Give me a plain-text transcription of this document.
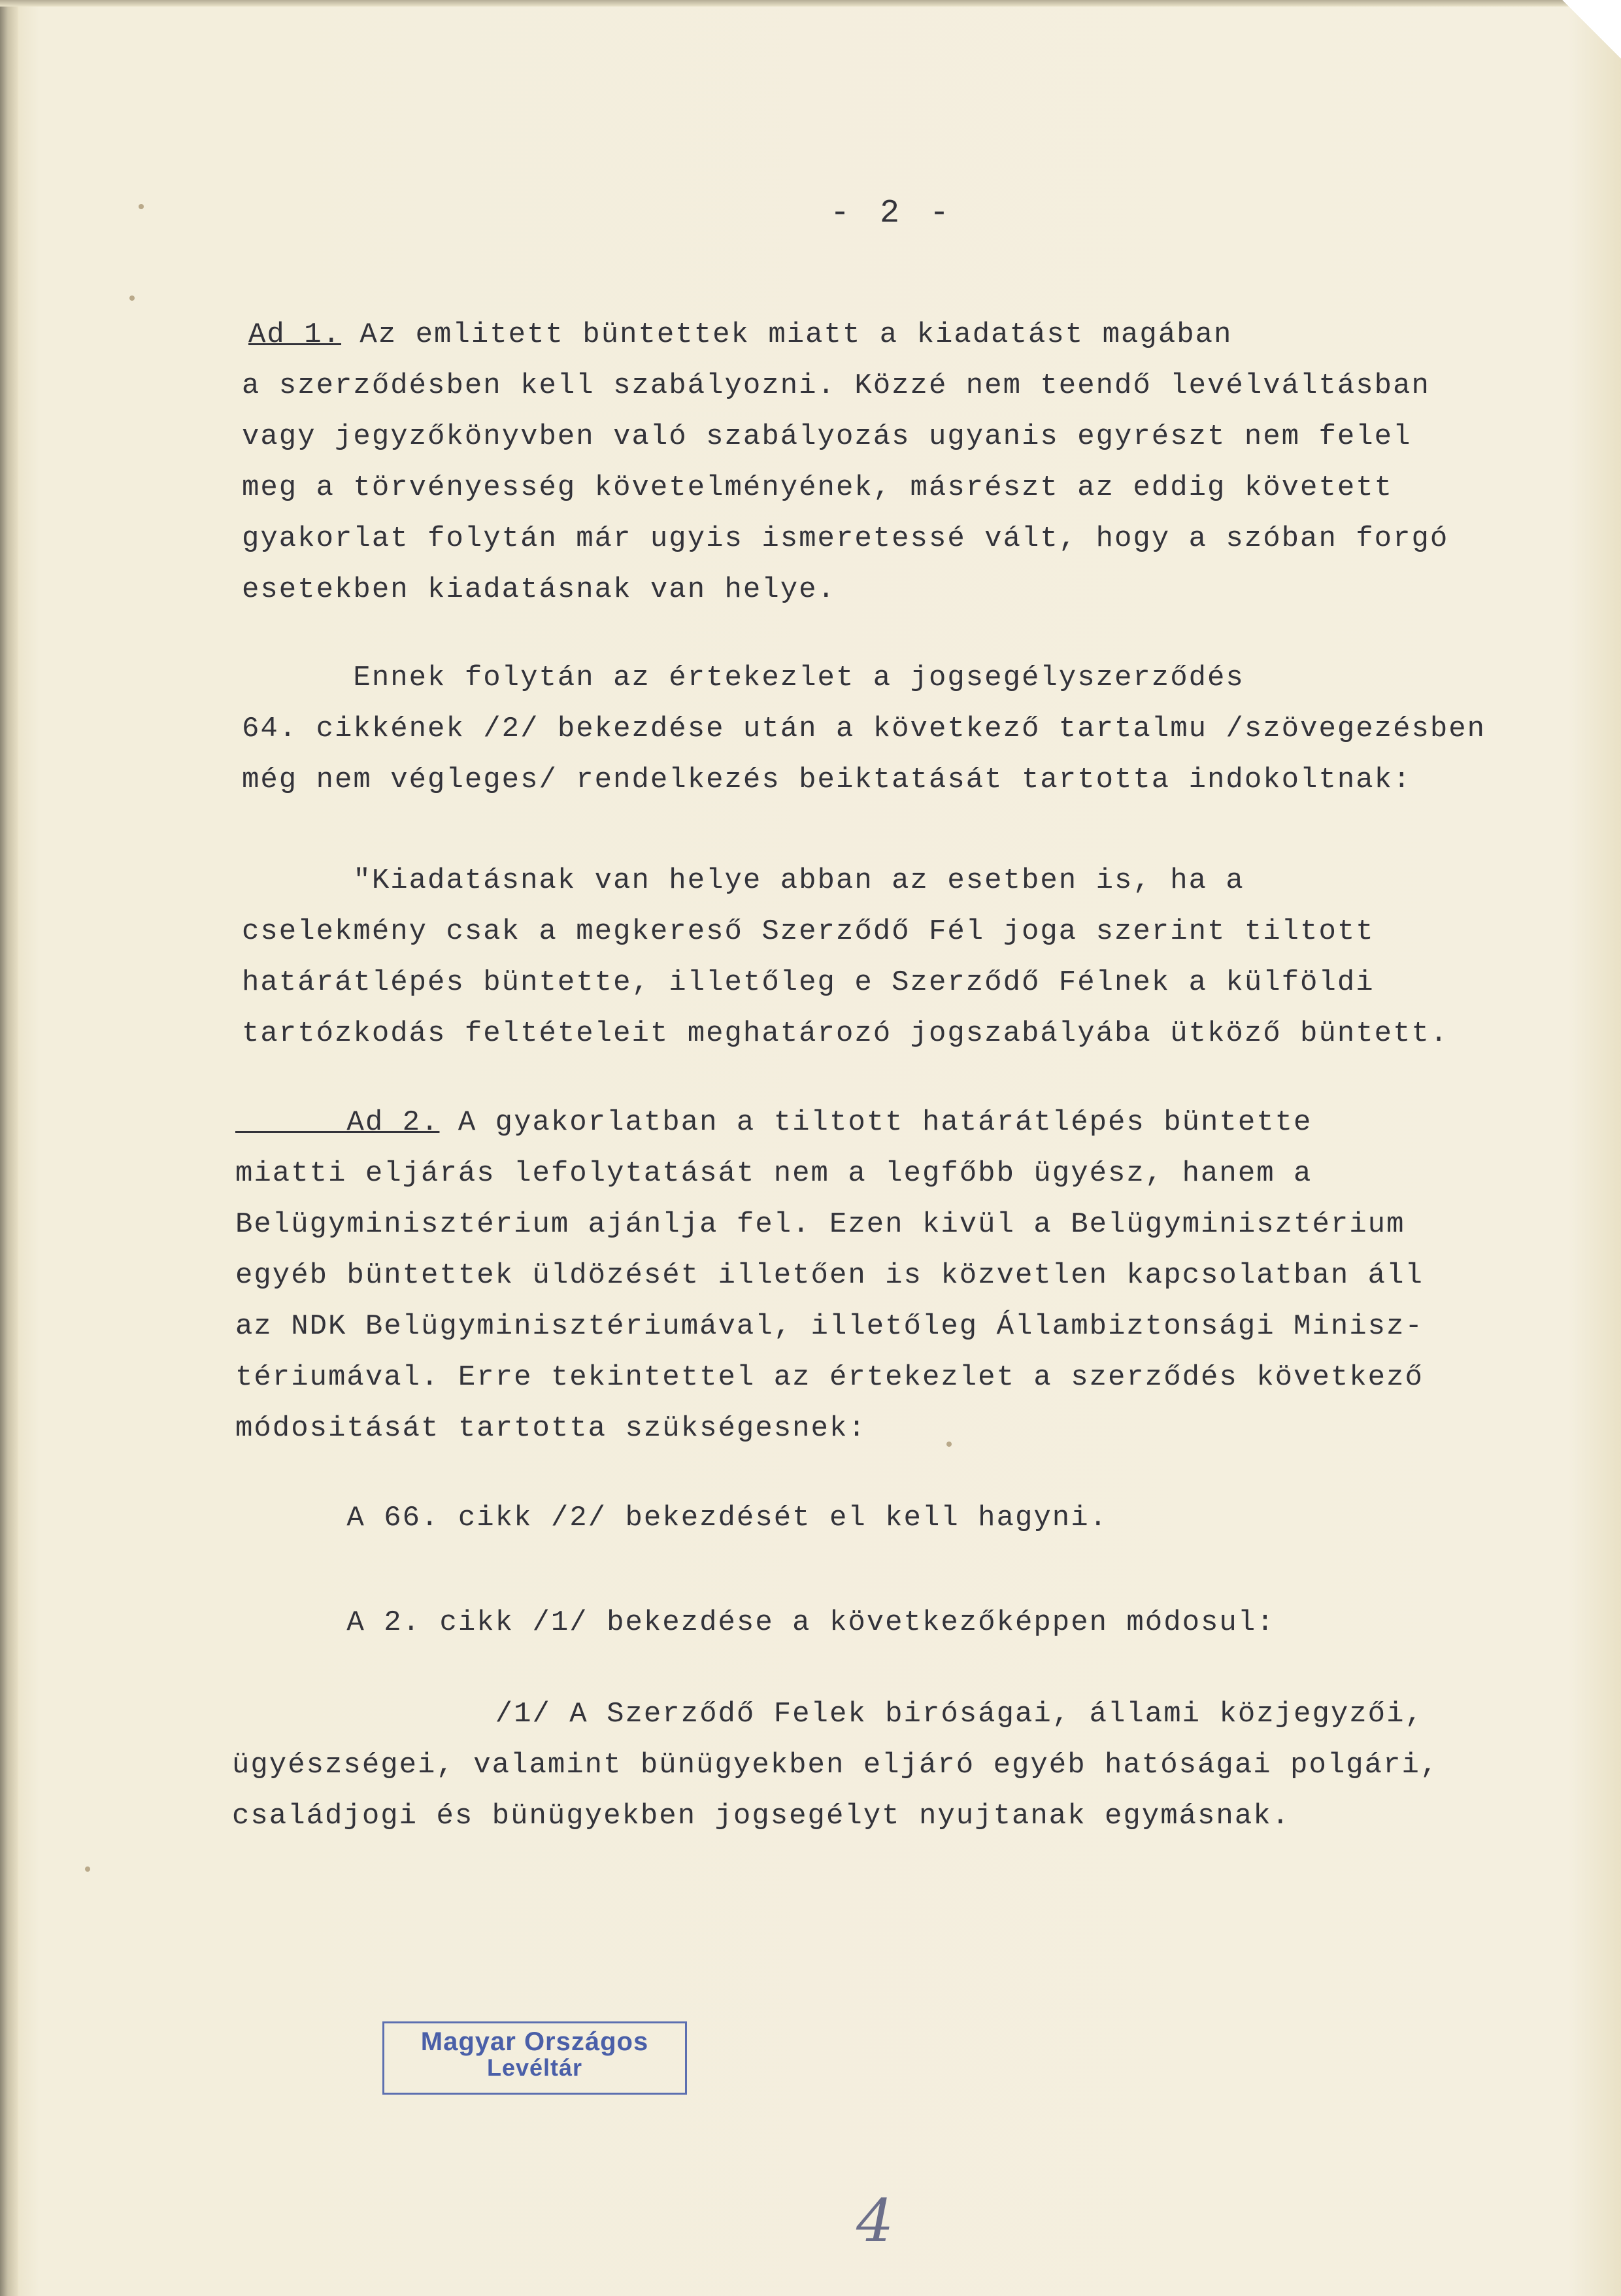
- 2 -
Ad 1. Az emlitett büntettek miatt a kiadatást magában
a szerződésben kell szabályozni. Közzé nem teendő levélváltásban
vagy jegyzőkönyvben való szabályozás ugyanis egyrészt nem felel
meg a törvényesség követelményének, másrészt az eddig követett
gyakorlat folytán már ugyis ismeretessé vált, hogy a szóban forgó
esetekben kiadatásnak van helye.
Ennek folytán az értekezlet a jogsegélyszerződés
64. cikkének /2/ bekezdése után a következő tartalmu /szövegezésben
még nem végleges/ rendelkezés beiktatását tartotta indokoltnak:
"Kiadatásnak van helye abban az esetben is, ha a
cselekmény csak a megkereső Szerződő Fél joga szerint tiltott
határátlépés büntette, illetőleg e Szerződő Félnek a külföldi
tartózkodás feltételeit meghatározó jogszabályába ütköző büntett.
Ad 2. A gyakorlatban a tiltott határátlépés büntette
miatti eljárás lefolytatását nem a legfőbb ügyész, hanem a
Belügyminisztérium ajánlja fel. Ezen kivül a Belügyminisztérium
egyéb büntettek üldözését illetően is közvetlen kapcsolatban áll
az NDK Belügyminisztériumával, illetőleg Állambiztonsági Minisz-
tériumával. Erre tekintettel az értekezlet a szerződés következő
módositását tartotta szükségesnek:
A 66. cikk /2/ bekezdését el kell hagyni.
A 2. cikk /1/ bekezdése a következőképpen módosul:
/1/ A Szerződő Felek biróságai, állami közjegyzői,
ügyészségei, valamint bünügyekben eljáró egyéb hatóságai polgári,
családjogi és bünügyekben jogsegélyt nyujtanak egymásnak.
Magyar Országos
Levéltár
4
